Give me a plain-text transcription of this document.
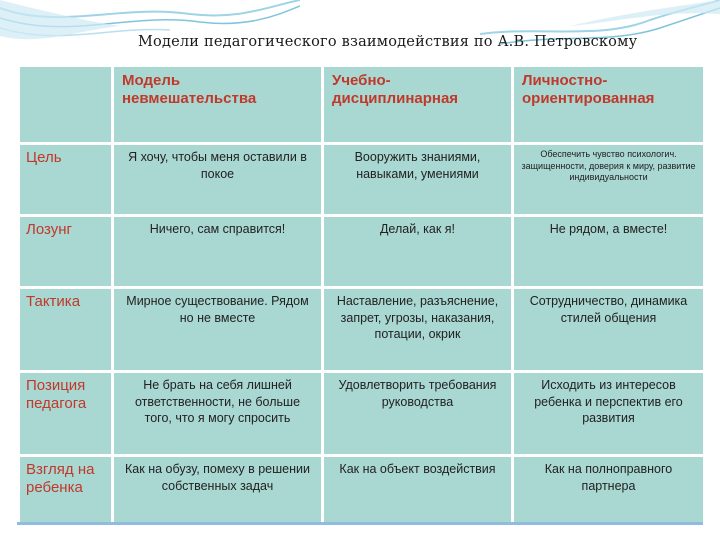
Модели педагогического взаимодействия по А.В. Петровскому
	Модель невмешательства	Учебно-дисциплинарная	Личностно-ориентированная
Цель	Я хочу, чтобы меня оставили в покое	Вооружить знаниями, навыками, умениями	Обеспечить чувство психологич. защищенности, доверия к миру, развитие индивидуальности
Лозунг	Ничего, сам справится!	Делай, как я!	Не рядом, а вместе!
Тактика	Мирное существование. Рядом но не вместе	Наставление, разъяснение, запрет, угрозы, наказания, потации, окрик	Сотрудничество, динамика стилей общения
Позиция педагога	Не брать на себя лишней ответственности, не больше того, что я могу спросить	Удовлетворить требования руководства	Исходить из интересов ребенка и перспектив его развития
Взгляд на ребенка	Как на обузу, помеху в решении собственных задач	Как на объект воздействия	Как на полноправного партнера
